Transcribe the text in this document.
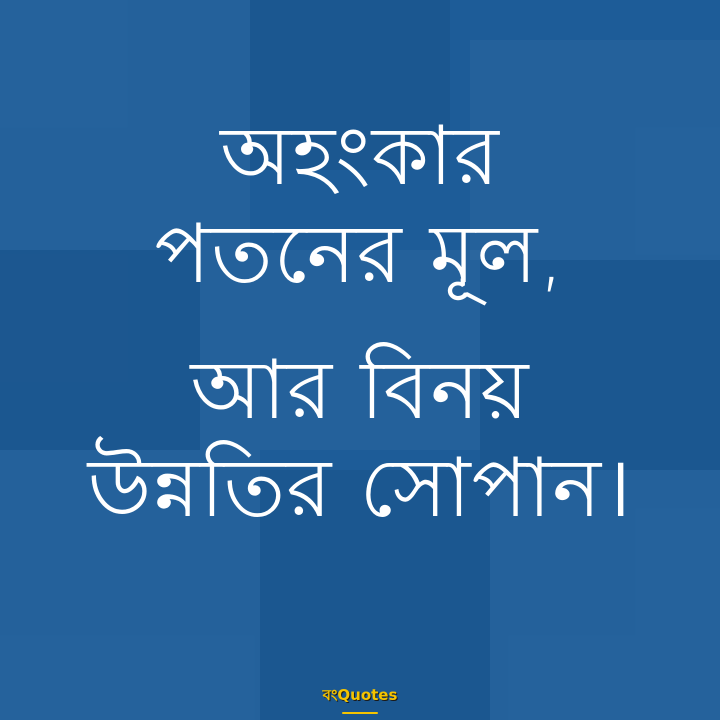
অহংকার
পতনের মূল,
আর বিনয়
উন্নতির সোপান।
বংQuotes
